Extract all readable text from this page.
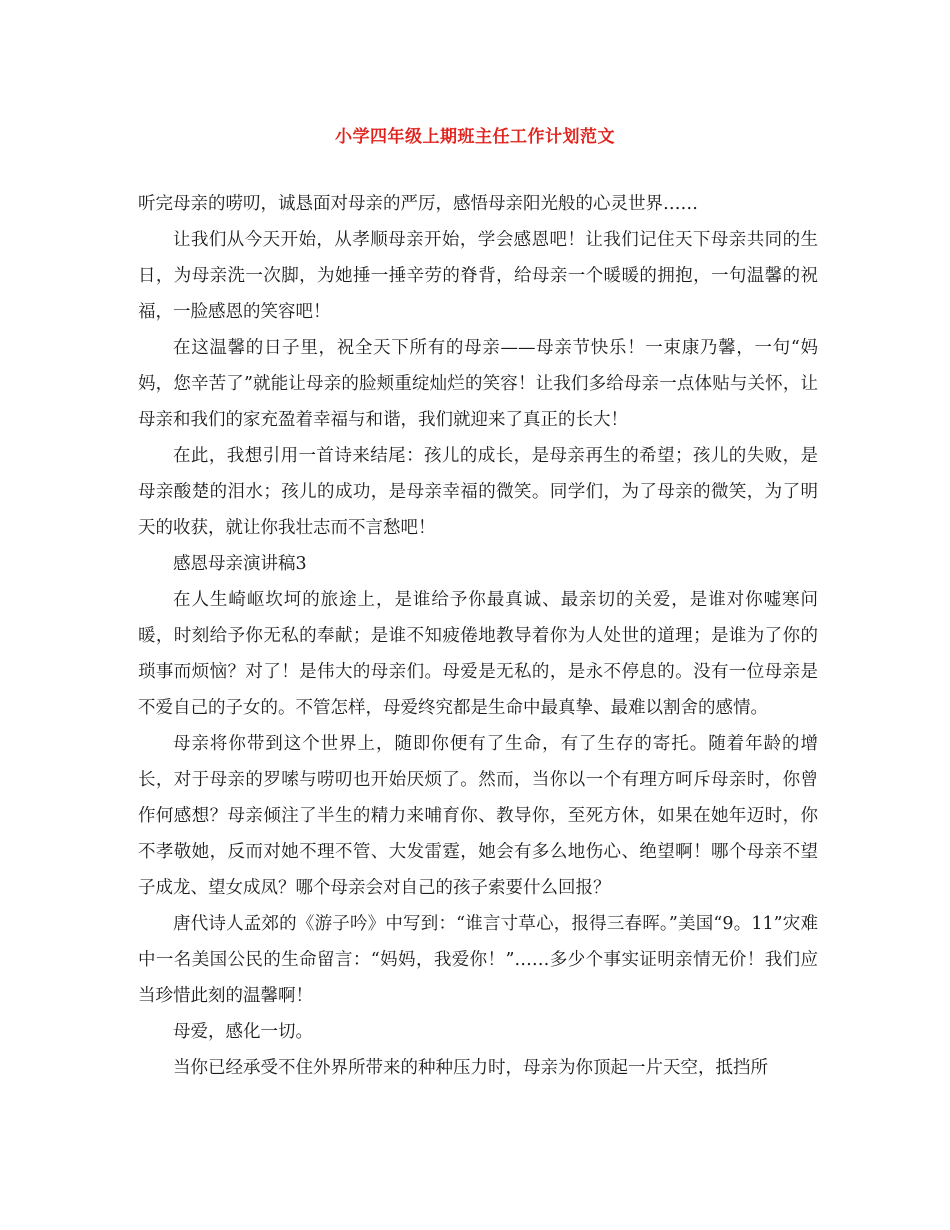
小学四年级上期班主任工作计划范文

听完母亲的唠叨，诚恳面对母亲的严厉，感悟母亲阳光般的心灵世界……

让我们从今天开始，从孝顺母亲开始，学会感恩吧！让我们记住天下母亲共同的生日，为母亲洗一次脚，为她捶一捶辛劳的脊背，给母亲一个暖暖的拥抱，一句温馨的祝福，一脸感恩的笑容吧！

在这温馨的日子里，祝全天下所有的母亲——母亲节快乐！一束康乃馨，一句“妈妈，您辛苦了”就能让母亲的脸颊重绽灿烂的笑容！让我们多给母亲一点体贴与关怀，让母亲和我们的家充盈着幸福与和谐，我们就迎来了真正的长大！

在此，我想引用一首诗来结尾：孩儿的成长，是母亲再生的希望；孩儿的失败，是母亲酸楚的泪水；孩儿的成功，是母亲幸福的微笑。同学们，为了母亲的微笑，为了明天的收获，就让你我壮志而不言愁吧！

感恩母亲演讲稿3

在人生崎岖坎坷的旅途上，是谁给予你最真诚、最亲切的关爱，是谁对你嘘寒问暖，时刻给予你无私的奉献；是谁不知疲倦地教导着你为人处世的道理；是谁为了你的琐事而烦恼？对了！是伟大的母亲们。母爱是无私的，是永不停息的。没有一位母亲是不爱自己的子女的。不管怎样，母爱终究都是生命中最真挚、最难以割舍的感情。

母亲将你带到这个世界上，随即你便有了生命，有了生存的寄托。随着年龄的增长，对于母亲的罗嗦与唠叨也开始厌烦了。然而，当你以一个有理方呵斥母亲时，你曾作何感想？母亲倾注了半生的精力来哺育你、教导你，至死方休，如果在她年迈时，你不孝敬她，反而对她不理不管、大发雷霆，她会有多么地伤心、绝望啊！哪个母亲不望子成龙、望女成凤？哪个母亲会对自己的孩子索要什么回报？

唐代诗人孟郊的《游子吟》中写到：“谁言寸草心，报得三春晖。”美国“9。11”灾难中一名美国公民的生命留言：“妈妈，我爱你！”……多少个事实证明亲情无价！我们应当珍惜此刻的温馨啊！

母爱，感化一切。

当你已经承受不住外界所带来的种种压力时，母亲为你顶起一片天空，抵挡所
